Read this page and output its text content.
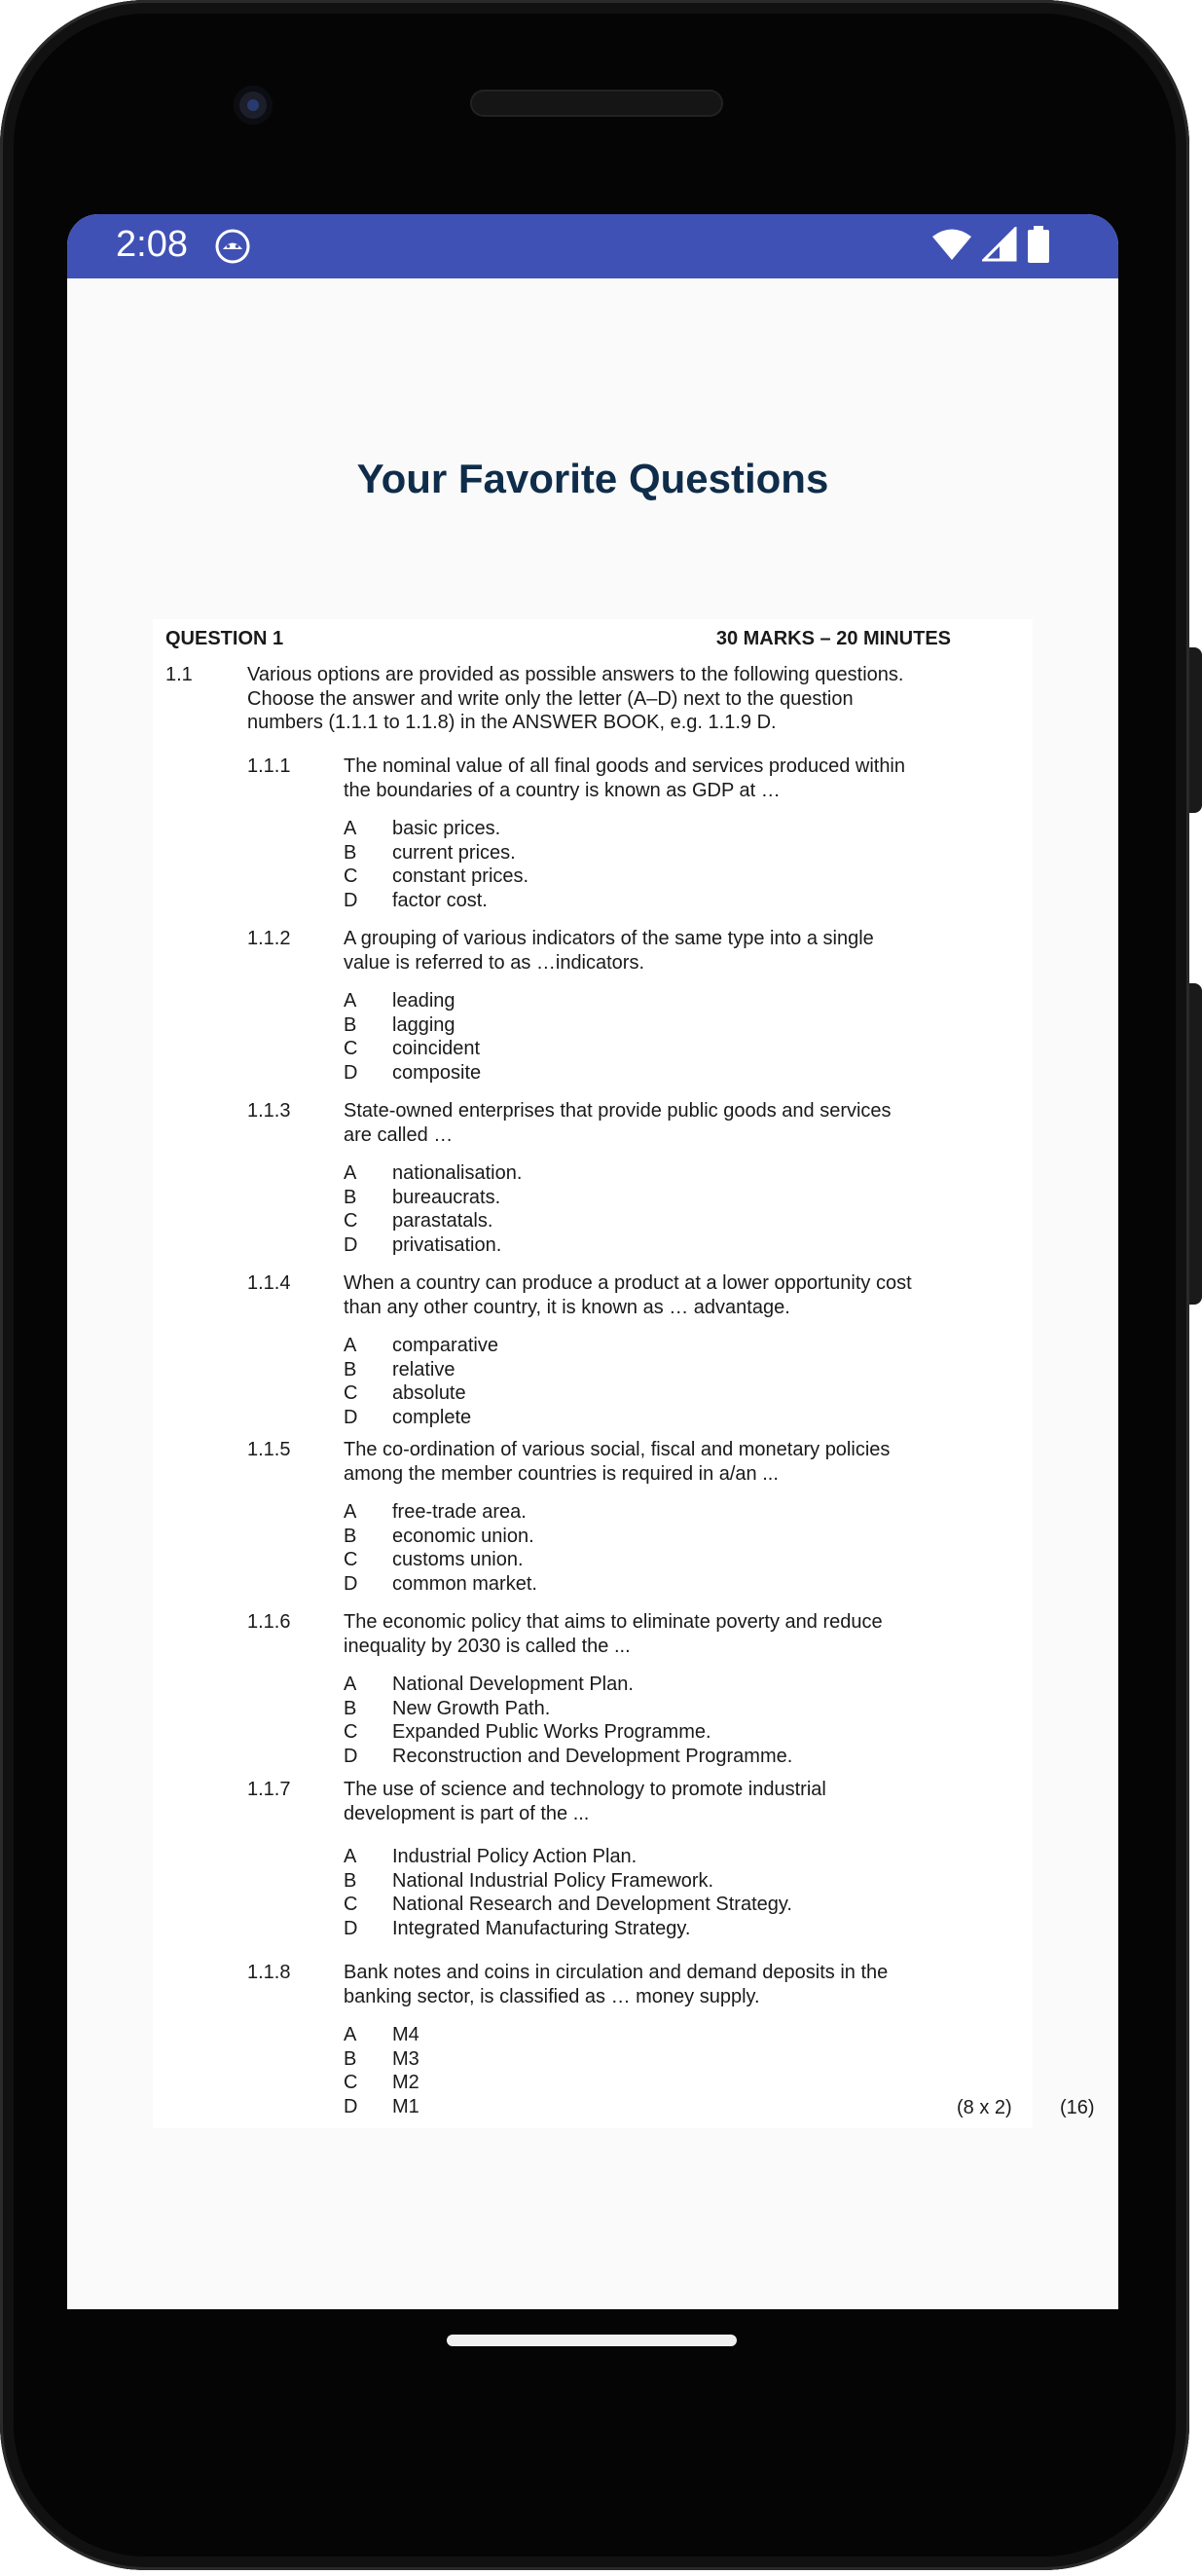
2:08
Your Favorite Questions
QUESTION 1	30 MARKS – 20 MINUTES
1.1	Various options are provided as possible answers to the following questions.
Choose the answer and write only the letter (A–D) next to the question
numbers (1.1.1 to 1.1.8) in the ANSWER BOOK, e.g. 1.1.9 D.
1.1.1	The nominal value of all final goods and services produced within
the boundaries of a country is known as GDP at …
A	basic prices.
B	current prices.
C	constant prices.
D	factor cost.
1.1.2	A grouping of various indicators of the same type into a single
value is referred to as …indicators.
A	leading
B	lagging
C	coincident
D	composite
1.1.3	State-owned enterprises that provide public goods and services
are called …
A	nationalisation.
B	bureaucrats.
C	parastatals.
D	privatisation.
1.1.4	When a country can produce a product at a lower opportunity cost
than any other country, it is known as … advantage.
A	comparative
B	relative
C	absolute
D	complete
1.1.5	The co-ordination of various social, fiscal and monetary policies
among the member countries is required in a/an ...
A	free-trade area.
B	economic union.
C	customs union.
D	common market.
1.1.6	The economic policy that aims to eliminate poverty and reduce
inequality by 2030 is called the ...
A	National Development Plan.
B	New Growth Path.
C	Expanded Public Works Programme.
D	Reconstruction and Development Programme.
1.1.7	The use of science and technology to promote industrial
development is part of the ...
A	Industrial Policy Action Plan.
B	National Industrial Policy Framework.
C	National Research and Development Strategy.
D	Integrated Manufacturing Strategy.
1.1.8	Bank notes and coins in circulation and demand deposits in the
banking sector, is classified as … money supply.
A	M4
B	M3
C	M2
D	M1	(8 x 2) (16)
